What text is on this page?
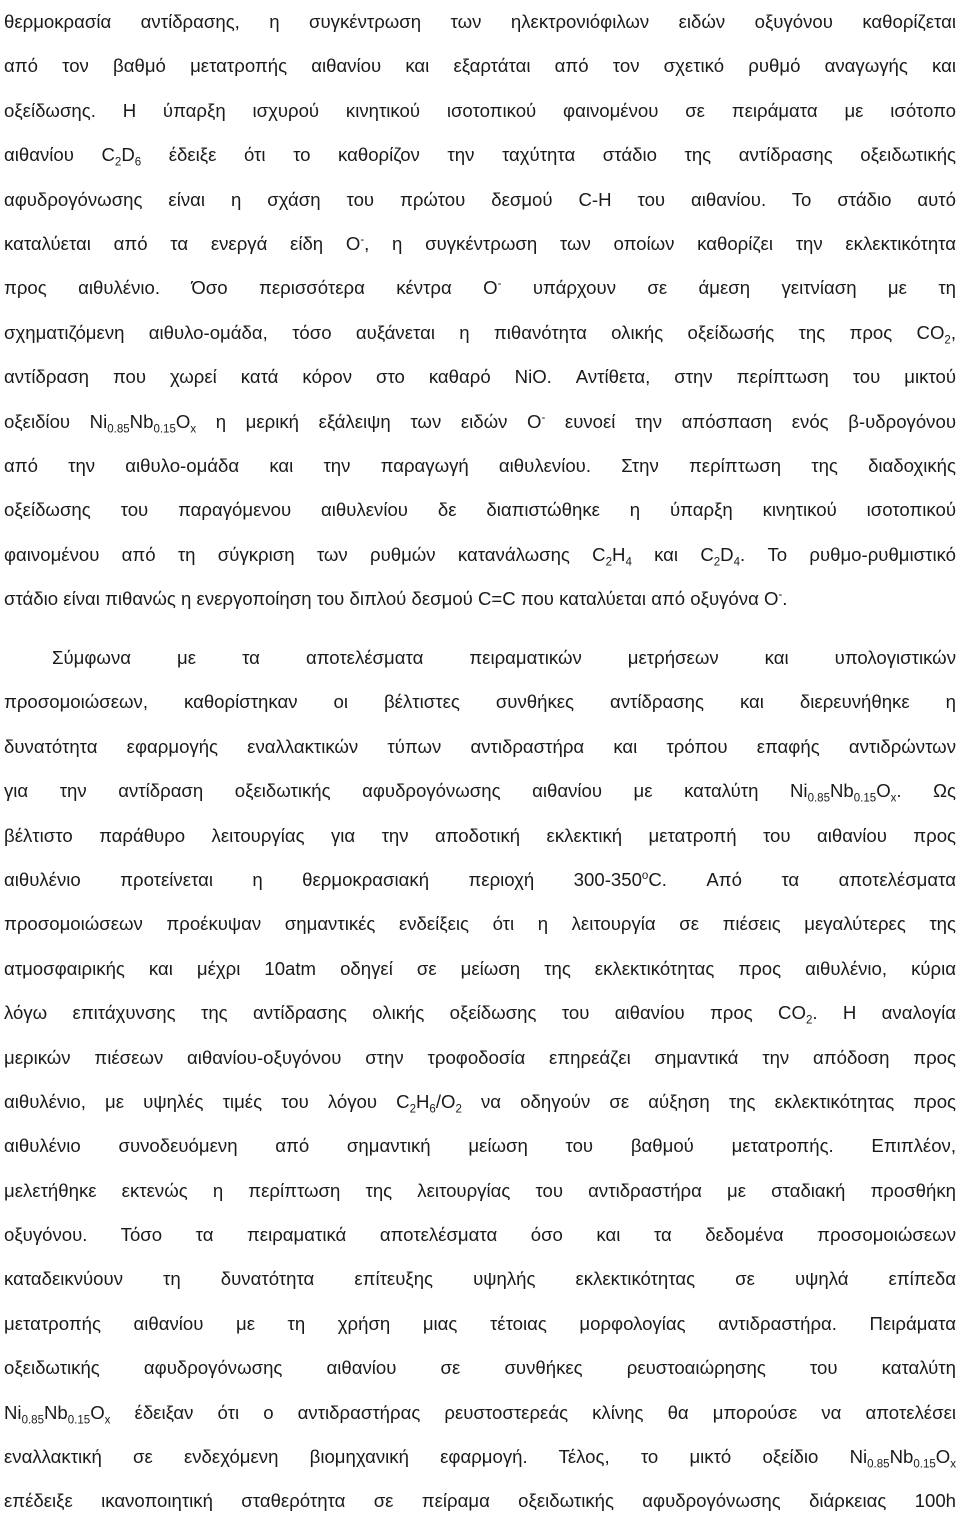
θερμοκρασία αντίδρασης, η συγκέντρωση των ηλεκτρονιόφιλων ειδών οξυγόνου καθορίζεται
από τον βαθμό μετατροπής αιθανίου και εξαρτάται από τον σχετικό ρυθμό αναγωγής και
οξείδωσης. Η ύπαρξη ισχυρού κινητικού ισοτοπικού φαινομένου σε πειράματα με ισότοπο
αιθανίου $C_2D_6$ έδειξε ότι το καθορίζον την ταχύτητα στάδιο της αντίδρασης οξειδωτικής
αφυδρογόνωσης είναι η σχάση του πρώτου δεσμού C-H του αιθανίου. Το στάδιο αυτό
καταλύεται από τα ενεργά είδη O-, η συγκέντρωση των οποίων καθορίζει την εκλεκτικότητα
προς αιθυλένιο. Όσο περισσότερα κέντρα O- υπάρχουν σε άμεση γειτνίαση με τη
σχηματιζόμενη αιθυλο-ομάδα, τόσο αυξάνεται η πιθανότητα ολικής οξείδωσής της προς $CO_2$,
αντίδραση που χωρεί κατά κόρον στο καθαρό NiO. Αντίθετα, στην περίπτωση του μικτού
οξειδίου $Ni_{0.85}Nb_{0.15}O_x$ η μερική εξάλειψη των ειδών O- ευνοεί την απόσπαση ενός β-υδρογόνου
από την αιθυλο-ομάδα και την παραγωγή αιθυλενίου. Στην περίπτωση της διαδοχικής
οξείδωσης του παραγόμενου αιθυλενίου δε διαπιστώθηκε η ύπαρξη κινητικού ισοτοπικού
φαινομένου από τη σύγκριση των ρυθμών κατανάλωσης $C_2H_4$ και $C_2D_4$. Το ρυθμο-ρυθμιστικό
στάδιο είναι πιθανώς η ενεργοποίηση του διπλού δεσμού C=C που καταλύεται από οξυγόνα O-.
Σύμφωνα με τα αποτελέσματα πειραματικών μετρήσεων και υπολογιστικών
προσομοιώσεων, καθορίστηκαν οι βέλτιστες συνθήκες αντίδρασης και διερευνήθηκε η
δυνατότητα εφαρμογής εναλλακτικών τύπων αντιδραστήρα και τρόπου επαφής αντιδρώντων
για την αντίδραση οξειδωτικής αφυδρογόνωσης αιθανίου με καταλύτη $Ni_{0.85}Nb_{0.15}O_x$. Ως
βέλτιστο παράθυρο λειτουργίας για την αποδοτική εκλεκτική μετατροπή του αιθανίου προς
αιθυλένιο προτείνεται η θερμοκρασιακή περιοχή 300-350$^o$C. Από τα αποτελέσματα
προσομοιώσεων προέκυψαν σημαντικές ενδείξεις ότι η λειτουργία σε πιέσεις μεγαλύτερες της
ατμοσφαιρικής και μέχρι 10atm οδηγεί σε μείωση της εκλεκτικότητας προς αιθυλένιο, κύρια
λόγω επιτάχυνσης της αντίδρασης ολικής οξείδωσης του αιθανίου προς $CO_2$. Η αναλογία
μερικών πιέσεων αιθανίου-οξυγόνου στην τροφοδοσία επηρεάζει σημαντικά την απόδοση προς
αιθυλένιο, με υψηλές τιμές του λόγου $C_2H_6/O_2$ να οδηγούν σε αύξηση της εκλεκτικότητας προς
αιθυλένιο συνοδευόμενη από σημαντική μείωση του βαθμού μετατροπής. Επιπλέον,
μελετήθηκε εκτενώς η περίπτωση της λειτουργίας του αντιδραστήρα με σταδιακή προσθήκη
οξυγόνου. Τόσο τα πειραματικά αποτελέσματα όσο και τα δεδομένα προσομοιώσεων
καταδεικνύουν τη δυνατότητα επίτευξης υψηλής εκλεκτικότητας σε υψηλά επίπεδα
μετατροπής αιθανίου με τη χρήση μιας τέτοιας μορφολογίας αντιδραστήρα. Πειράματα
οξειδωτικής αφυδρογόνωσης αιθανίου σε συνθήκες ρευστοαιώρησης του καταλύτη
$Ni_{0.85}Nb_{0.15}O_x$ έδειξαν ότι ο αντιδραστήρας ρευστοστερεάς κλίνης θα μπορούσε να αποτελέσει
εναλλακτική σε ενδεχόμενη βιομηχανική εφαρμογή. Τέλος, το μικτό οξείδιο $Ni_{0.85}Nb_{0.15}O_x$
επέδειξε ικανοποιητική σταθερότητα σε πείραμα οξειδωτικής αφυδρογόνωσης διάρκειας 100h
